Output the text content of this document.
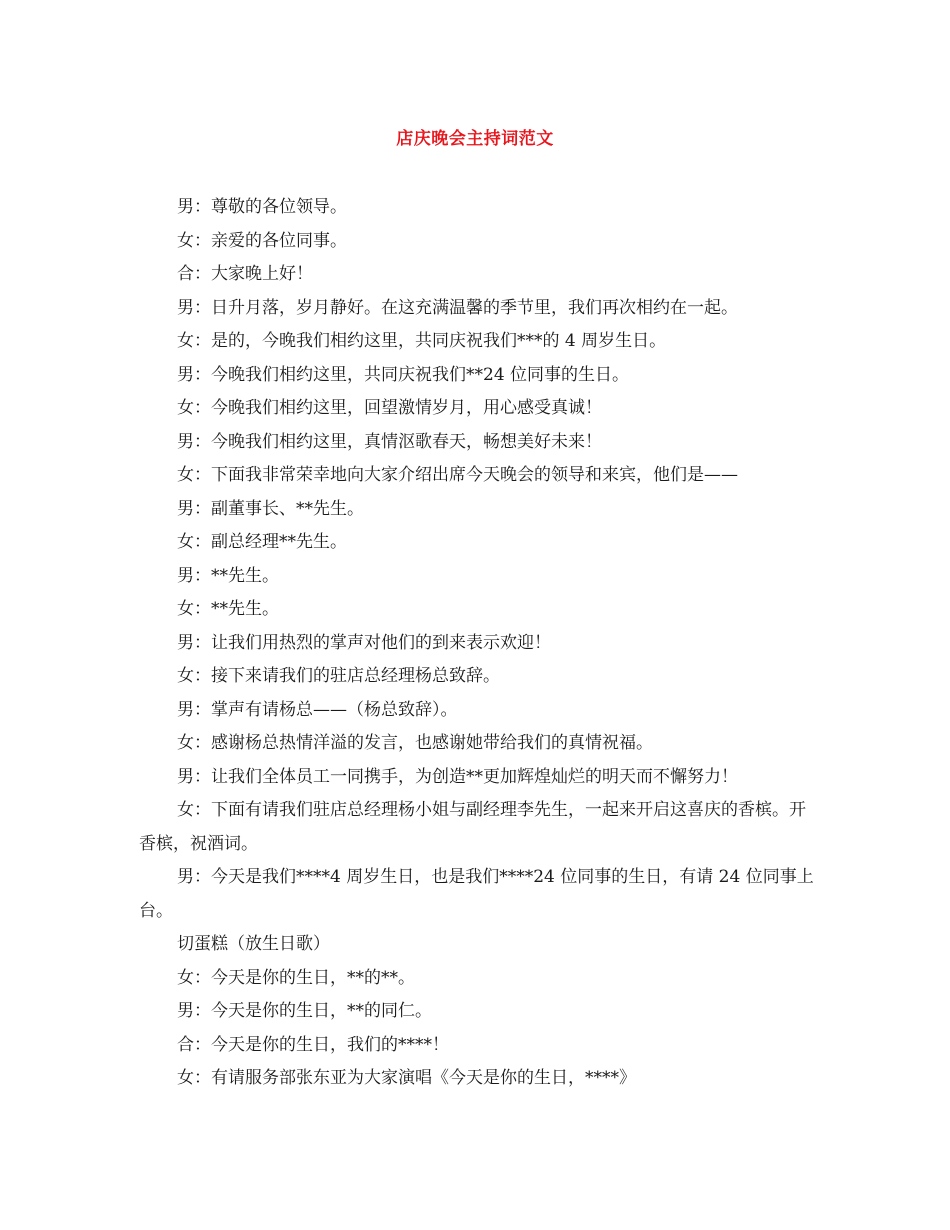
店庆晚会主持词范文

男：尊敬的各位领导。

女：亲爱的各位同事。

合：大家晚上好！

男：日升月落，岁月静好。在这充满温馨的季节里，我们再次相约在一起。

女：是的，今晚我们相约这里，共同庆祝我们***的 4 周岁生日。

男：今晚我们相约这里，共同庆祝我们**24 位同事的生日。

女：今晚我们相约这里，回望激情岁月，用心感受真诚！

男：今晚我们相约这里，真情沤歌春天，畅想美好未来！

女：下面我非常荣幸地向大家介绍出席今天晚会的领导和来宾，他们是——

男：副董事长、**先生。

女：副总经理**先生。

男：**先生。

女：**先生。

男：让我们用热烈的掌声对他们的到来表示欢迎！

女：接下来请我们的驻店总经理杨总致辞。

男：掌声有请杨总——（杨总致辞）。

女：感谢杨总热情洋溢的发言，也感谢她带给我们的真情祝福。

男：让我们全体员工一同携手，为创造**更加辉煌灿烂的明天而不懈努力！

女：下面有请我们驻店总经理杨小姐与副经理李先生，一起来开启这喜庆的香槟。开香槟，祝酒词。

男：今天是我们****4 周岁生日，也是我们****24 位同事的生日，有请 24 位同事上台。

切蛋糕（放生日歌）

女：今天是你的生日，**的**。

男：今天是你的生日，**的同仁。

合：今天是你的生日，我们的****！

女：有请服务部张东亚为大家演唱《今天是你的生日，****》
